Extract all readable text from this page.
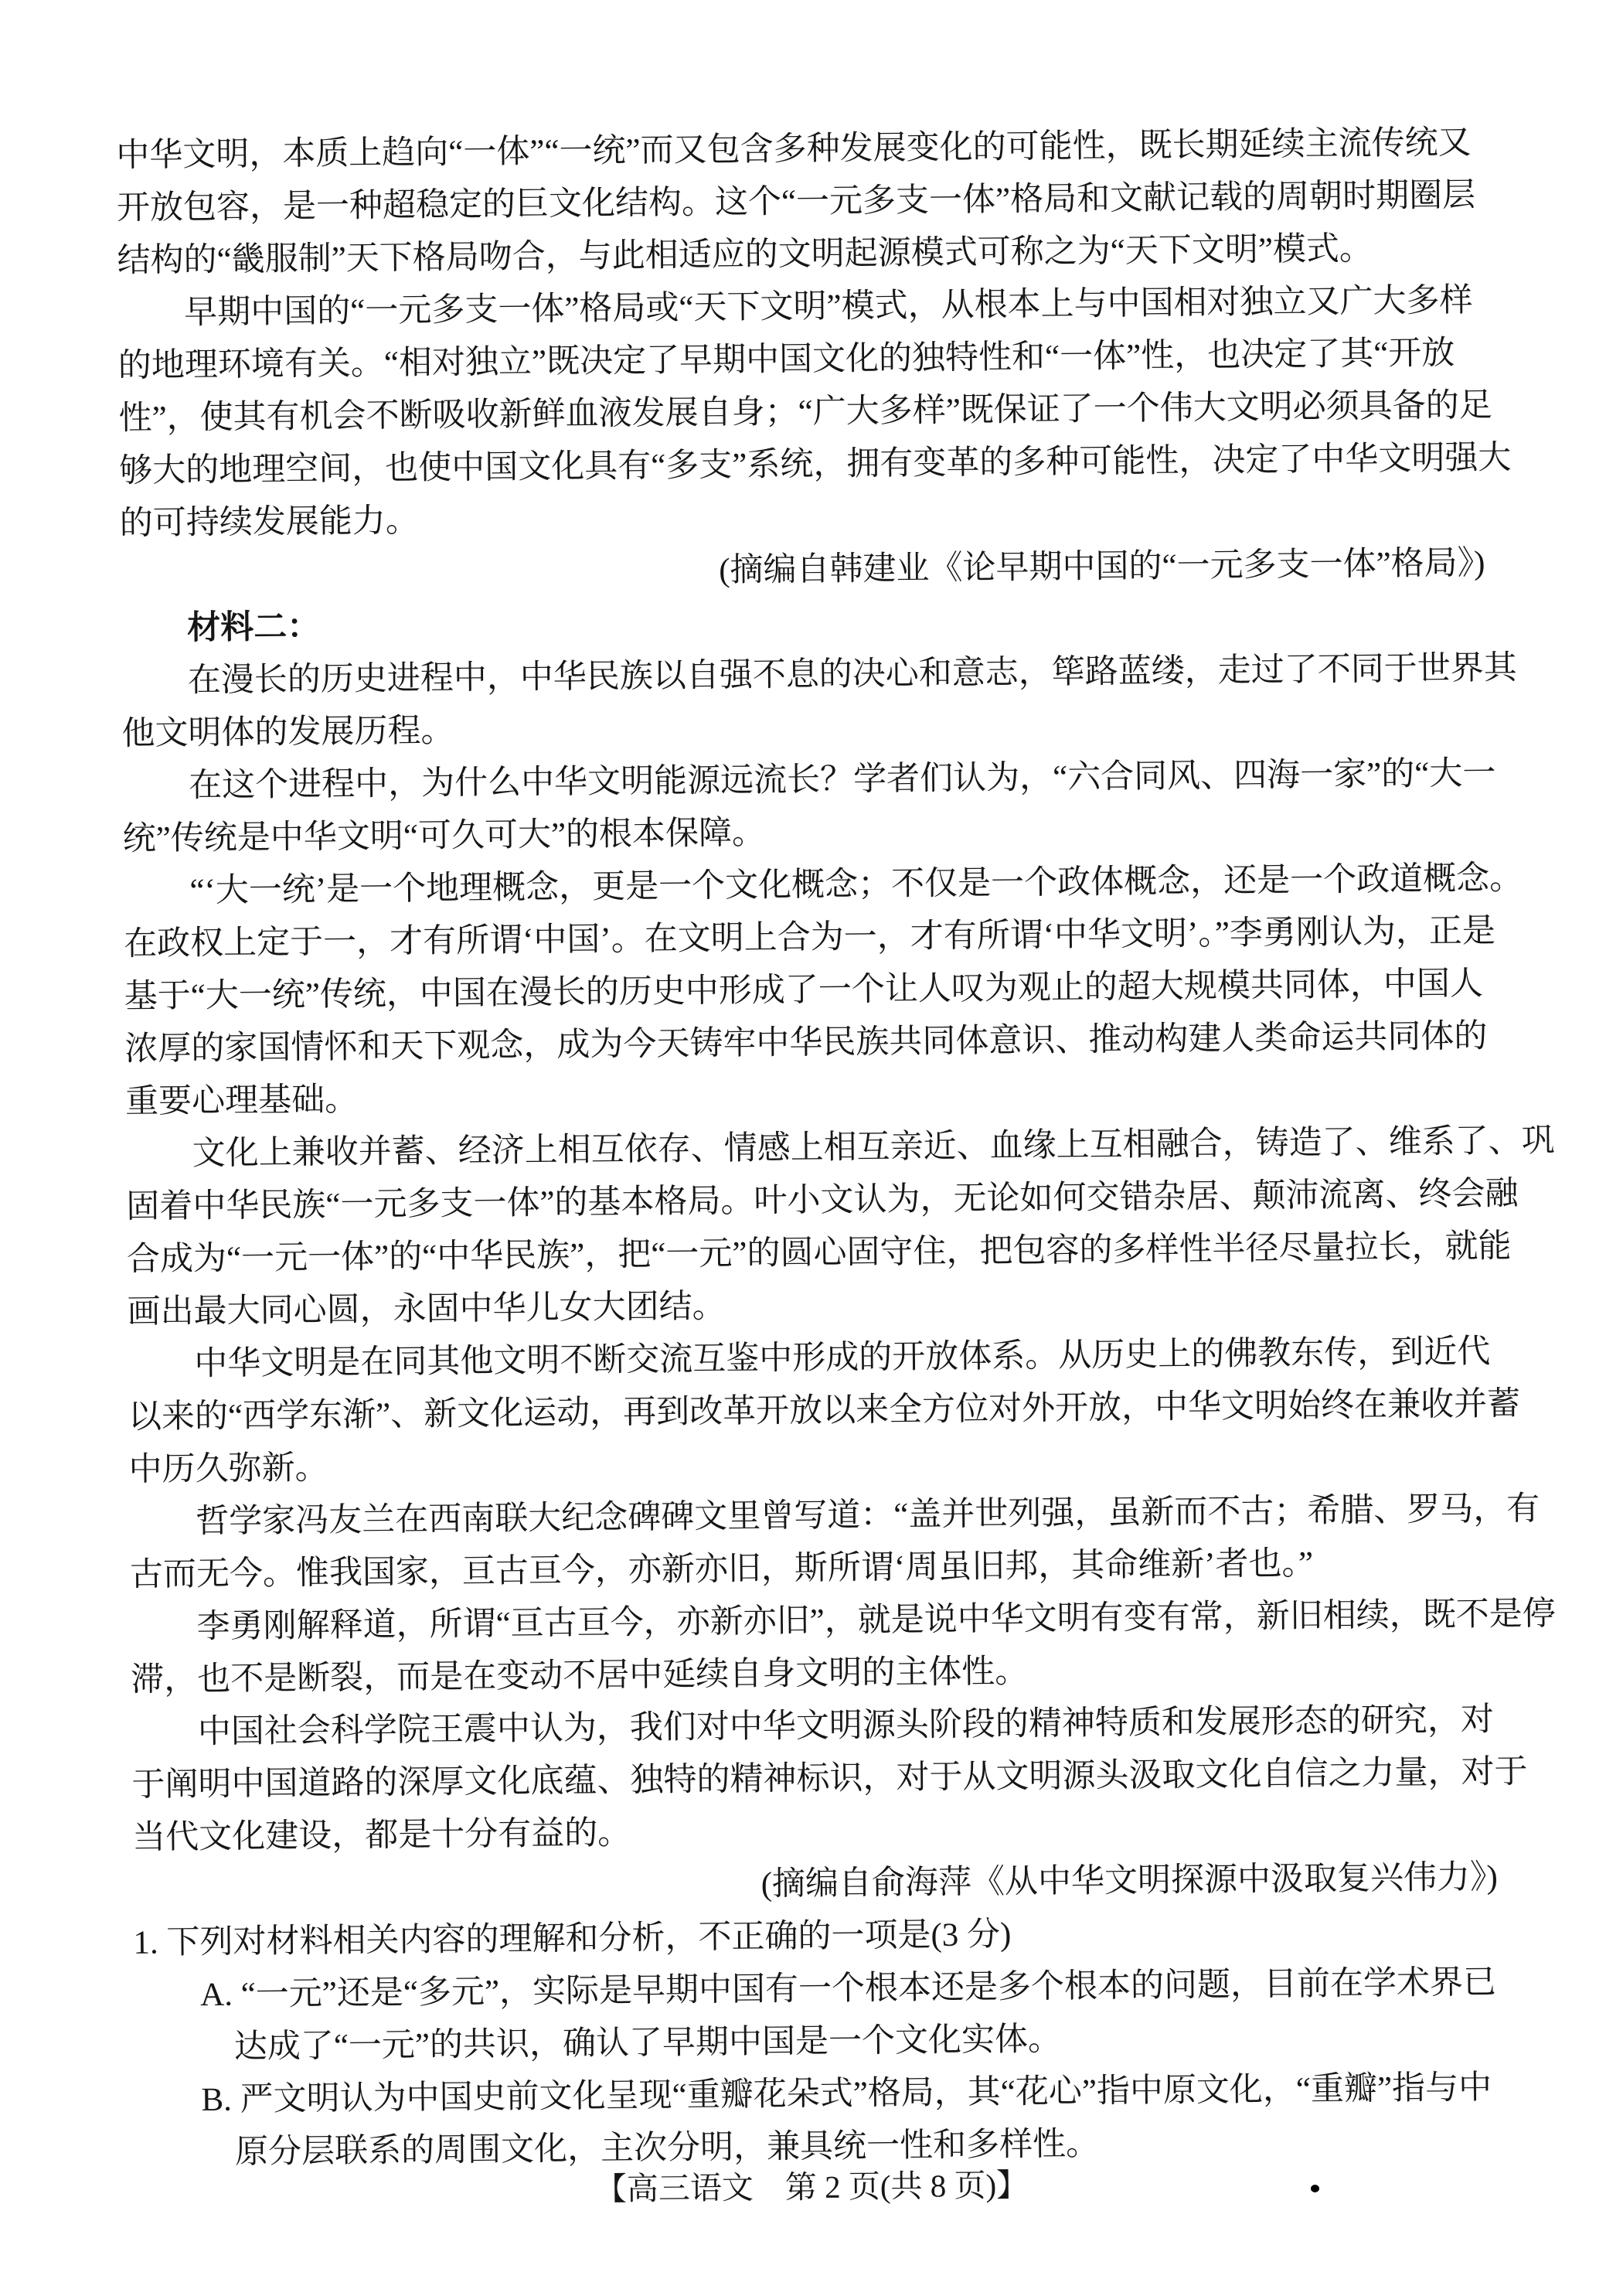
中华文明，本质上趋向“一体”“一统”而又包含多种发展变化的可能性，既长期延续主流传统又
开放包容，是一种超稳定的巨文化结构。这个“一元多支一体”格局和文献记载的周朝时期圈层
结构的“畿服制”天下格局吻合，与此相适应的文明起源模式可称之为“天下文明”模式。
　　早期中国的“一元多支一体”格局或“天下文明”模式，从根本上与中国相对独立又广大多样
的地理环境有关。“相对独立”既决定了早期中国文化的独特性和“一体”性，也决定了其“开放
性”，使其有机会不断吸收新鲜血液发展自身；“广大多样”既保证了一个伟大文明必须具备的足
够大的地理空间，也使中国文化具有“多支”系统，拥有变革的多种可能性，决定了中华文明强大
的可持续发展能力。
(摘编自韩建业《论早期中国的“一元多支一体”格局》)
　　材料二：
　　在漫长的历史进程中，中华民族以自强不息的决心和意志，筚路蓝缕，走过了不同于世界其
他文明体的发展历程。
　　在这个进程中，为什么中华文明能源远流长？学者们认为，“六合同风、四海一家”的“大一
统”传统是中华文明“可久可大”的根本保障。
　　“‘大一统’是一个地理概念，更是一个文化概念；不仅是一个政体概念，还是一个政道概念。
在政权上定于一，才有所谓‘中国’。在文明上合为一，才有所谓‘中华文明’。”李勇刚认为，正是
基于“大一统”传统，中国在漫长的历史中形成了一个让人叹为观止的超大规模共同体，中国人
浓厚的家国情怀和天下观念，成为今天铸牢中华民族共同体意识、推动构建人类命运共同体的
重要心理基础。
　　文化上兼收并蓄、经济上相互依存、情感上相互亲近、血缘上互相融合，铸造了、维系了、巩
固着中华民族“一元多支一体”的基本格局。叶小文认为，无论如何交错杂居、颠沛流离、终会融
合成为“一元一体”的“中华民族”，把“一元”的圆心固守住，把包容的多样性半径尽量拉长，就能
画出最大同心圆，永固中华儿女大团结。
　　中华文明是在同其他文明不断交流互鉴中形成的开放体系。从历史上的佛教东传，到近代
以来的“西学东渐”、新文化运动，再到改革开放以来全方位对外开放，中华文明始终在兼收并蓄
中历久弥新。
　　哲学家冯友兰在西南联大纪念碑碑文里曾写道：“盖并世列强，虽新而不古；希腊、罗马，有
古而无今。惟我国家，亘古亘今，亦新亦旧，斯所谓‘周虽旧邦，其命维新’者也。”
　　李勇刚解释道，所谓“亘古亘今，亦新亦旧”，就是说中华文明有变有常，新旧相续，既不是停
滞，也不是断裂，而是在变动不居中延续自身文明的主体性。
　　中国社会科学院王震中认为，我们对中华文明源头阶段的精神特质和发展形态的研究，对
于阐明中国道路的深厚文化底蕴、独特的精神标识，对于从文明源头汲取文化自信之力量，对于
当代文化建设，都是十分有益的。
(摘编自俞海萍《从中华文明探源中汲取复兴伟力》)
1. 下列对材料相关内容的理解和分析，不正确的一项是(3 分)
　　A. “一元”还是“多元”，实际是早期中国有一个根本还是多个根本的问题，目前在学术界已
　　　达成了“一元”的共识，确认了早期中国是一个文化实体。
　　B. 严文明认为中国史前文化呈现“重瓣花朵式”格局，其“花心”指中原文化，“重瓣”指与中
　　　原分层联系的周围文化，主次分明，兼具统一性和多样性。
【高三语文　第 2 页(共 8 页)】
